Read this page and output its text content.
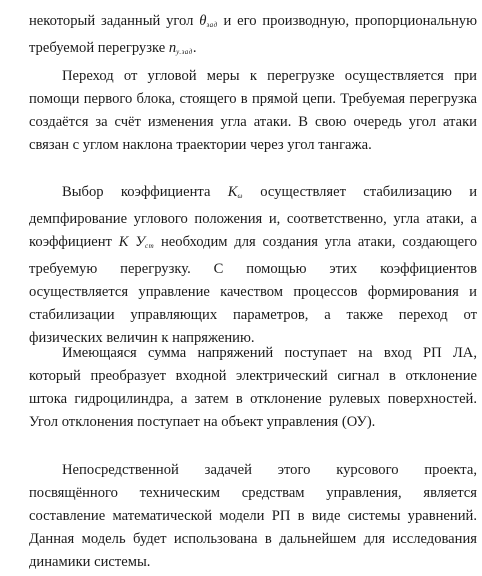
некоторый заданный угол $\theta_{зад}$ и его производную, пропорциональную требуемой перегрузке $n_{у.зад}$.

Переход от угловой меры к перегрузке осуществляется при помощи первого блока, стоящего в прямой цепи. Требуемая перегрузка создаётся за счёт изменения угла атаки. В свою очередь угол атаки связан с углом наклона траектории через угол тангажа.

Выбор коэффициента $K_\omega$ осуществляет стабилизацию и демпфирование углового положения и, соответственно, угла атаки, а коэффициент K $У_{ст}$ необходим для создания угла атаки, создающего требуемую перегрузку. С помощью этих коэффициентов осуществляется управление качеством процессов формирования и стабилизации управляющих параметров, а также переход от физических величин к напряжению.

Имеющаяся сумма напряжений поступает на вход РП ЛА, который преобразует входной электрический сигнал в отклонение штока гидроцилиндра, а затем в отклонение рулевых поверхностей. Угол отклонения поступает на объект управления (ОУ).

Непосредственной задачей этого курсового проекта, посвящённого техническим средствам управления, является составление математической модели РП в виде системы уравнений. Данная модель будет использована в дальнейшем для исследования динамики системы.
